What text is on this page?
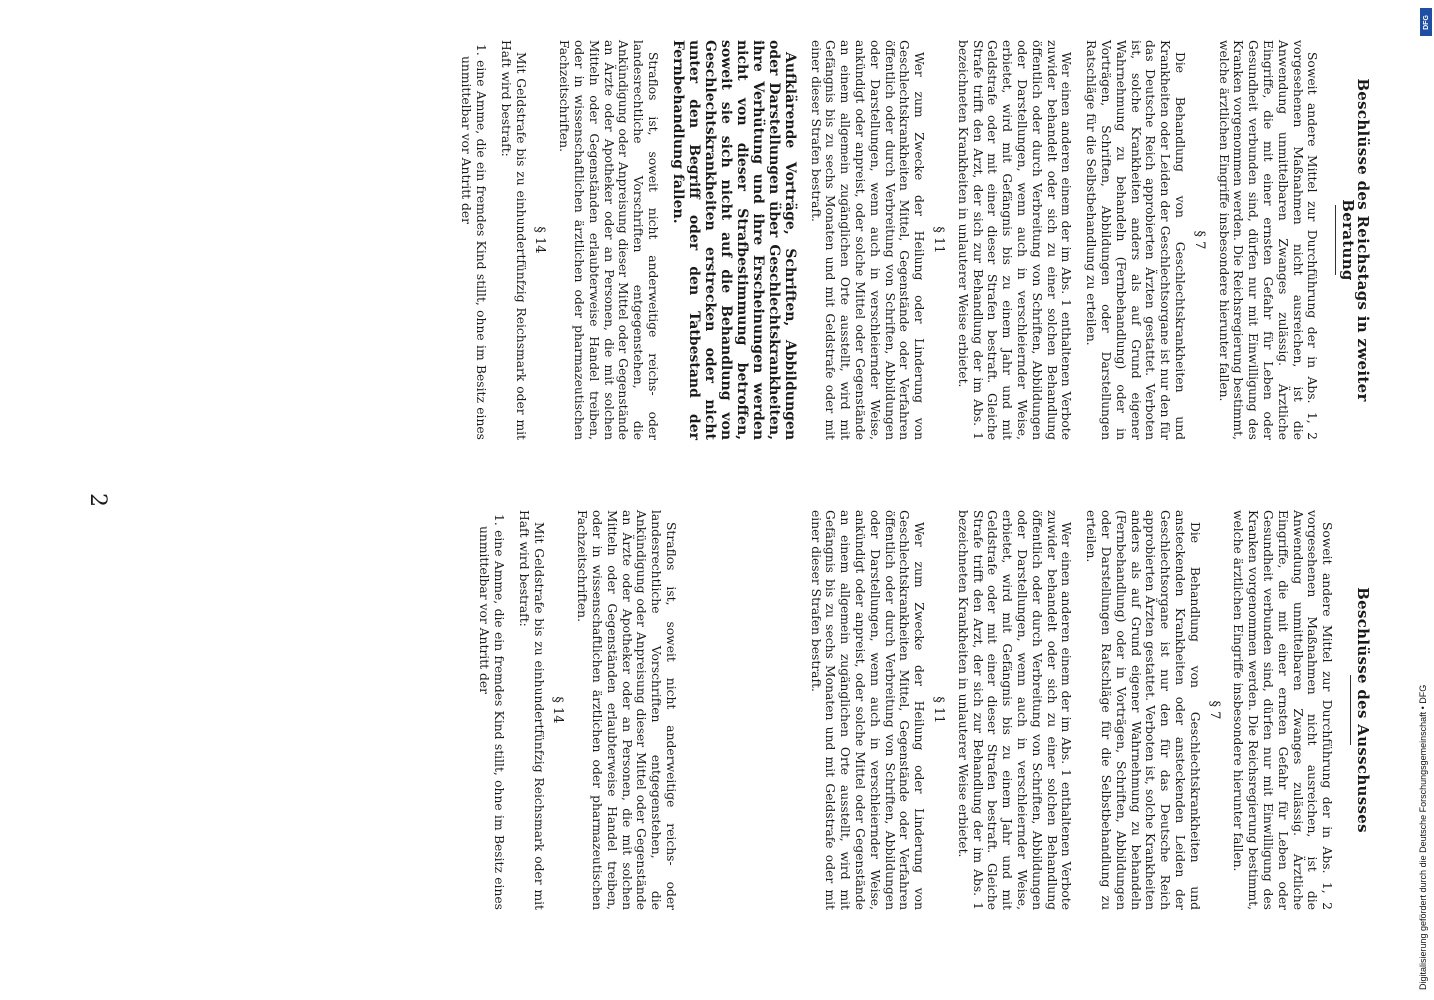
2
Beschlüsse des Ausschusses

Soweit andere Mittel zur Durchführung der in Abs. 1, 2 vorgesehenen Maßnahmen nicht ausreichen, ist die Anwendung unmittelbaren Zwanges zulässig. Ärztliche Eingriffe, die mit einer ernsten Gefahr für Leben oder Gesundheit verbunden sind, dürfen nur mit Einwilligung des Kranken vorgenommen werden. Die Reichsregierung bestimmt, welche ärztlichen Eingriffe insbesondere hierunter fallen.

§ 7

Die Behandlung von Geschlechtskrankheiten und ansteckenden Krankheiten oder ansteckenden Leiden der Geschlechtsorgane ist nur den für das Deutsche Reich approbierten Ärzten gestattet. Verboten ist, solche Krankheiten anders als auf Grund eigener Wahrnehmung zu behandeln (Fernbehandlung) oder in Vorträgen, Schriften, Abbildungen oder Darstellungen Ratschläge für die Selbstbehandlung zu erteilen.

Wer einen anderen einem der im Abs. 1 enthaltenen Verbote zuwider behandelt oder sich zu einer solchen Behandlung öffentlich oder durch Verbreitung von Schriften, Abbildungen oder Darstellungen, wenn auch in verschleiernder Weise, erbietet, wird mit Gefängnis bis zu einem Jahr und mit Geldstrafe oder mit einer dieser Strafen bestraft. Gleiche Strafe trifft den Arzt, der sich zur Behandlung der im Abs. 1 bezeichneten Krankheiten in unlauterer Weise erbietet.

§ 11

Wer zum Zwecke der Heilung oder Linderung von Geschlechtskrankheiten Mittel, Gegenstände oder Verfahren öffentlich oder durch Verbreitung von Schriften, Abbildungen oder Darstellungen, wenn auch in verschleiernder Weise, ankündigt oder anpreist, oder solche Mittel oder Gegenstände an einem allgemein zugänglichen Orte ausstellt, wird mit Gefängnis bis zu sechs Monaten und mit Geldstrafe oder mit einer dieser Strafen bestraft.

Straflos ist, soweit nicht anderweitige reichs- oder landesrechtliche Vorschriften entgegenstehen, die Ankündigung oder Anpreisung dieser Mittel oder Gegenstände an Ärzte oder Apotheker oder an Personen, die mit solchen Mitteln oder Gegenständen erlaubterweise Handel treiben, oder in wissenschaftlichen ärztlichen oder pharmazeutischen Fachzeitschriften.

§ 14

Mit Geldstrafe bis zu einhundertfünfzig Reichsmark oder mit Haft wird bestraft:

1. eine Amme, die ein fremdes Kind stillt, ohne im Besitz eines unmittelbar vor Antritt der

Beschlüsse des Reichstags in zweiter Beratung

Soweit andere Mittel zur Durchführung der in Abs. 1, 2 vorgesehenen Maßnahmen nicht ausreichen, ist die Anwendung unmittelbaren Zwanges zulässig. Ärztliche Eingriffe, die mit einer ernsten Gefahr für Leben oder Gesundheit verbunden sind, dürfen nur mit Einwilligung des Kranken vorgenommen werden. Die Reichsregierung bestimmt, welche ärztlichen Eingriffe insbesondere hierunter fallen.

§ 7

Die Behandlung von Geschlechtskrankheiten und Krankheiten oder Leiden der Geschlechtsorgane ist nur den für das Deutsche Reich approbierten Ärzten gestattet. Verboten ist, solche Krankheiten anders als auf Grund eigener Wahrnehmung zu behandeln (Fernbehandlung) oder in Vorträgen, Schriften, Abbildungen oder Darstellungen Ratschläge für die Selbstbehandlung zu erteilen.

Wer einen anderen einem der im Abs. 1 enthaltenen Verbote zuwider behandelt oder sich zu einer solchen Behandlung öffentlich oder durch Verbreitung von Schriften, Abbildungen oder Darstellungen, wenn auch in verschleiernder Weise, erbietet, wird mit Gefängnis bis zu einem Jahr und mit Geldstrafe oder mit einer dieser Strafen bestraft. Gleiche Strafe trifft den Arzt, der sich zur Behandlung der im Abs. 1 bezeichneten Krankheiten in unlauterer Weise erbietet.

§ 11

Wer zum Zwecke der Heilung oder Linderung von Geschlechtskrankheiten Mittel, Gegenstände oder Verfahren öffentlich oder durch Verbreitung von Schriften, Abbildungen oder Darstellungen, wenn auch in verschleiernder Weise, ankündigt oder anpreist, oder solche Mittel oder Gegenstände an einem allgemein zugänglichen Orte ausstellt, wird mit Gefängnis bis zu sechs Monaten und mit Geldstrafe oder mit einer dieser Strafen bestraft.

Aufklärende Vorträge, Schriften, Abbildungen oder Darstellungen über Geschlechtskrankheiten, ihre Verhütung und ihre Erscheinungen werden nicht von dieser Strafbestimmung betroffen, soweit sie sich nicht auf die Behandlung von Geschlechtskrankheiten erstrecken oder nicht unter den Begriff oder den Tatbestand der Fernbehandlung fallen.

Straflos ist, soweit nicht anderweitige reichs- oder landesrechtliche Vorschriften entgegenstehen, die Ankündigung oder Anpreisung dieser Mittel oder Gegenstände an Ärzte oder Apotheker oder an Personen, die mit solchen Mitteln oder Gegenständen erlaubterweise Handel treiben, oder in wissenschaftlichen ärztlichen oder pharmazeutischen Fachzeitschriften.

§ 14

Mit Geldstrafe bis zu einhundertfünfzig Reichsmark oder mit Haft wird bestraft:

1. eine Amme, die ein fremdes Kind stillt, ohne im Besitz eines unmittelbar vor Antritt der

DFG
Digitalisierung gefördert durch die Deutsche Forschungsgemeinschaft • DFG
